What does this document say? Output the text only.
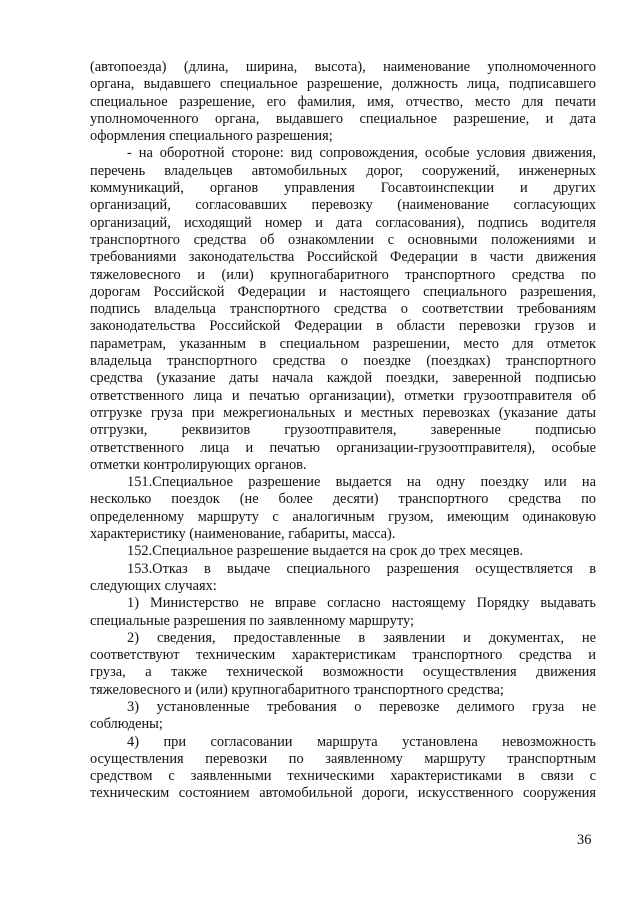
(автопоезда) (длина, ширина, высота), наименование уполномоченного
органа, выдавшего специальное разрешение, должность лица, подписавшего
специальное разрешение, его фамилия, имя, отчество, место для печати
уполномоченного органа, выдавшего специальное разрешение, и дата
оформления специального разрешения;
- на оборотной стороне: вид сопровождения, особые условия движения,
перечень владельцев автомобильных дорог, сооружений, инженерных
коммуникаций, органов управления Госавтоинспекции и других
организаций, согласовавших перевозку (наименование согласующих
организаций, исходящий номер и дата согласования), подпись водителя
транспортного средства об ознакомлении с основными положениями и
требованиями законодательства Российской Федерации в части движения
тяжеловесного и (или) крупногабаритного транспортного средства по
дорогам Российской Федерации и настоящего специального разрешения,
подпись владельца транспортного средства о соответствии требованиям
законодательства Российской Федерации в области перевозки грузов и
параметрам, указанным в специальном разрешении, место для отметок
владельца транспортного средства о поездке (поездках) транспортного
средства (указание даты начала каждой поездки, заверенной подписью
ответственного лица и печатью организации), отметки грузоотправителя об
отгрузке груза при межрегиональных и местных перевозках (указание даты
отгрузки, реквизитов грузоотправителя, заверенные подписью
ответственного лица и печатью организации-грузоотправителя), особые
отметки контролирующих органов.
151.Специальное разрешение выдается на одну поездку или на
несколько поездок (не более десяти) транспортного средства по
определенному маршруту с аналогичным грузом, имеющим одинаковую
характеристику (наименование, габариты, масса).
152.Специальное разрешение выдается на срок до трех месяцев.
153.Отказ в выдаче специального разрешения осуществляется в
следующих случаях:
1) Министерство не вправе согласно настоящему Порядку выдавать
специальные разрешения по заявленному маршруту;
2) сведения, предоставленные в заявлении и документах, не
соответствуют техническим характеристикам транспортного средства и
груза, а также технической возможности осуществления движения
тяжеловесного и (или) крупногабаритного транспортного средства;
3) установленные требования о перевозке делимого груза не
соблюдены;
4) при согласовании маршрута установлена невозможность
осуществления перевозки по заявленному маршруту транспортным
средством с заявленными техническими характеристиками в связи с
техническим состоянием автомобильной дороги, искусственного сооружения
36
